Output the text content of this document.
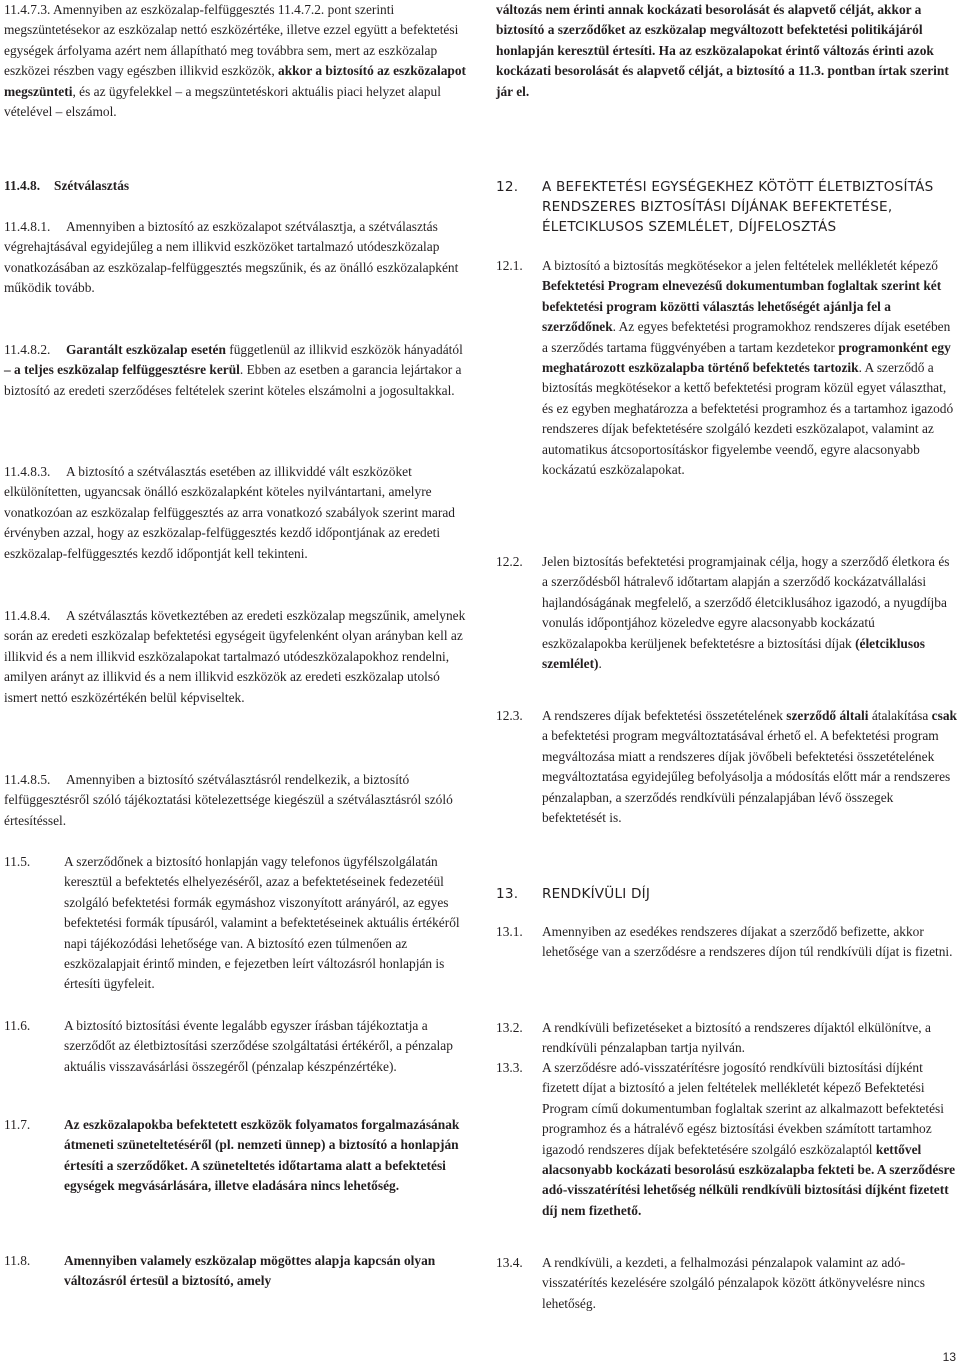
11.4.7.3. Amennyiben az eszközalap-felfüggesztés 11.4.7.2. pont szerinti megszüntetésekor az eszközalap nettó eszközértéke, illetve ezzel együtt a befektetési egységek árfolyama azért nem állapítható meg továbbra sem, mert az eszközalap eszközei részben vagy egészben illikvid eszközök, akkor a biztosító az eszközalapot megszünteti, és az ügyfelekkel – a megszüntetéskori aktuális piaci helyzet alapul vételével – elszámol.

11.4.8. Szétválasztás
11.4.8.1.	Amennyiben a biztosító az eszközalapot szétválasztja, a szétválasztás végrehajtásával egyidejűleg a nem illikvid eszközöket tartalmazó utódeszközalap vonatkozásában az eszközalap-felfüggesztés megszűnik, és az önálló eszközalapként működik tovább.

11.4.8.2.	Garantált eszközalap esetén függetlenül az illikvid eszközök hányadától – a teljes eszközalap felfüggesztésre kerül. Ebben az esetben a garancia lejártakor a biztosító az eredeti szerződéses feltételek szerint köteles elszámolni a jogosultakkal.

11.4.8.3.	A biztosító a szétválasztás esetében az illikviddé vált eszközöket elkülönítetten, ugyancsak önálló eszközalapként köteles nyilvántartani, amelyre vonatkozóan az eszközalap felfüggesztés az arra vonatkozó szabályok szerint marad érvényben azzal, hogy az eszközalap-felfüggesztés kezdő időpontjának az eredeti eszközalap-felfüggesztés kezdő időpontját kell tekinteni.

11.4.8.4.	A szétválasztás következtében az eredeti eszközalap megszűnik, amelynek során az eredeti eszközalap befektetési egységeit ügyfelenként olyan arányban kell az illikvid és a nem illikvid eszközalapokat tartalmazó utódeszközalapokhoz rendelni, amilyen arányt az illikvid és a nem illikvid eszközök az eredeti eszközalap utolsó ismert nettó eszközértékén belül képviseltek.

11.4.8.5.	Amennyiben a biztosító szétválasztásról rendelkezik, a biztosító felfüggesztésről szóló tájékoztatási kötelezettsége kiegészül a szétválasztásról szóló értesítéssel.

11.5.	A szerződőnek a biztosító honlapján vagy telefonos ügyfélszolgálatán keresztül a befektetés elhelyezéséről, azaz a befektetéseinek fedezetéül szolgáló befektetési formák egymáshoz viszonyított arányáról, az egyes befektetési formák típusáról, valamint a befektetéseinek aktuális értékéről napi tájékozódási lehetősége van. A biztosító ezen túlmenően az eszközalapjait érintő minden, e fejezetben leírt változásról honlapján is értesíti ügyfeleit.

11.6.	A biztosító biztosítási évente legalább egyszer írásban tájékoztatja a szerződőt az életbiztosítási szerződése szolgáltatási értékéről, a pénzalap aktuális visszavásárlási összegéről (pénzalap készpénzértéke).

11.7.	Az eszközalapokba befektetett eszközök folyamatos forgalmazásának átmeneti szüneteltetéséről (pl. nemzeti ünnep) a biztosító a honlapján értesíti a szerződőket. A szüneteltetés időtartama alatt a befektetési egységek megvásárlására, illetve eladására nincs lehetőség.

11.8.	Amennyiben valamely eszközalap mögöttes alapja kapcsán olyan változásról értesül a biztosító, amely

változás nem érinti annak kockázati besorolását és alapvető célját, akkor a biztosító a szerződőket az eszközalap megváltozott befektetési politikájáról honlapján keresztül értesíti. Ha az eszközalapokat érintő változás érinti azok kockázati besorolását és alapvető célját, a biztosító a 11.3. pontban írtak szerint jár el.

12. A BEFEKTETÉSI EGYSÉGEKHEZ KÖTÖTT ÉLETBIZTOSÍTÁS RENDSZERES BIZTOSÍTÁSI DÍJÁNAK BEFEKTETÉSE, ÉLETCIKLUSOS SZEMLÉLET, DÍJFELOSZTÁS

12.1. A biztosító a biztosítás megkötésekor a jelen feltételek mellékletét képező Befektetési Program elnevezésű dokumentumban foglaltak szerint két befektetési program közötti választás lehetőségét ajánlja fel a szerződőnek. Az egyes befektetési programokhoz rendszeres díjak esetében a szerződés tartama függvényében a tartam kezdetekor programonként egy meghatározott eszközalapba történő befektetés tartozik. A szerződő a biztosítás megkötésekor a kettő befektetési program közül egyet választhat, és ez egyben meghatározza a befektetési programhoz és a tartamhoz igazodó rendszeres díjak befektetésére szolgáló kezdeti eszközalapot, valamint az automatikus átcsoportosításkor figyelembe veendő, egyre alacsonyabb kockázatú eszközalapokat.

12.2. Jelen biztosítás befektetési programjainak célja, hogy a szerződő életkora és a szerződésből hátralevő időtartam alapján a szerződő kockázatvállalási hajlandóságának megfelelő, a szerződő életciklusához igazodó, a nyugdíjba vonulás időpontjához közeledve egyre alacsonyabb kockázatú eszközalapokba kerüljenek befektetésre a biztosítási díjak (életciklusos szemlélet).

12.3. A rendszeres díjak befektetési összetételének szerződő általi átalakítása csak a befektetési program megváltoztatásával érhető el. A befektetési program megváltozása miatt a rendszeres díjak jövőbeli befektetési összetételének megváltoztatása egyidejűleg befolyásolja a módosítás előtt már a rendszeres pénzalapban, a szerződés rendkívüli pénzalapjában lévő összegek befektetését is.

13. RENDKÍVÜLI DÍJ

13.1. Amennyiben az esedékes rendszeres díjakat a szerződő befizette, akkor lehetősége van a szerződésre a rendszeres díjon túl rendkívüli díjat is fizetni.

13.2. A rendkívüli befizetéseket a biztosító a rendszeres díjaktól elkülönítve, a rendkívüli pénzalapban tartja nyilván.

13.3. A szerződésre adó-visszatérítésre jogosító rendkívüli biztosítási díjként fizetett díjat a biztosító a jelen feltételek mellékletét képező Befektetési Program című dokumentumban foglaltak szerint az alkalmazott befektetési programhoz és a hátralévő egész biztosítási években számított tartamhoz igazodó rendszeres díjak befektetésére szolgáló eszközalaptól kettővel alacsonyabb kockázati besorolású eszközalapba fekteti be. A szerződésre adó-visszatérítési lehetőség nélküli rendkívüli biztosítási díjként fizetett díj nem fizethető.

13.4. A rendkívüli, a kezdeti, a felhalmozási pénzalapok valamint az adó-visszatérítés kezelésére szolgáló pénzalapok között átkönyvelésre nincs lehetőség.

13
